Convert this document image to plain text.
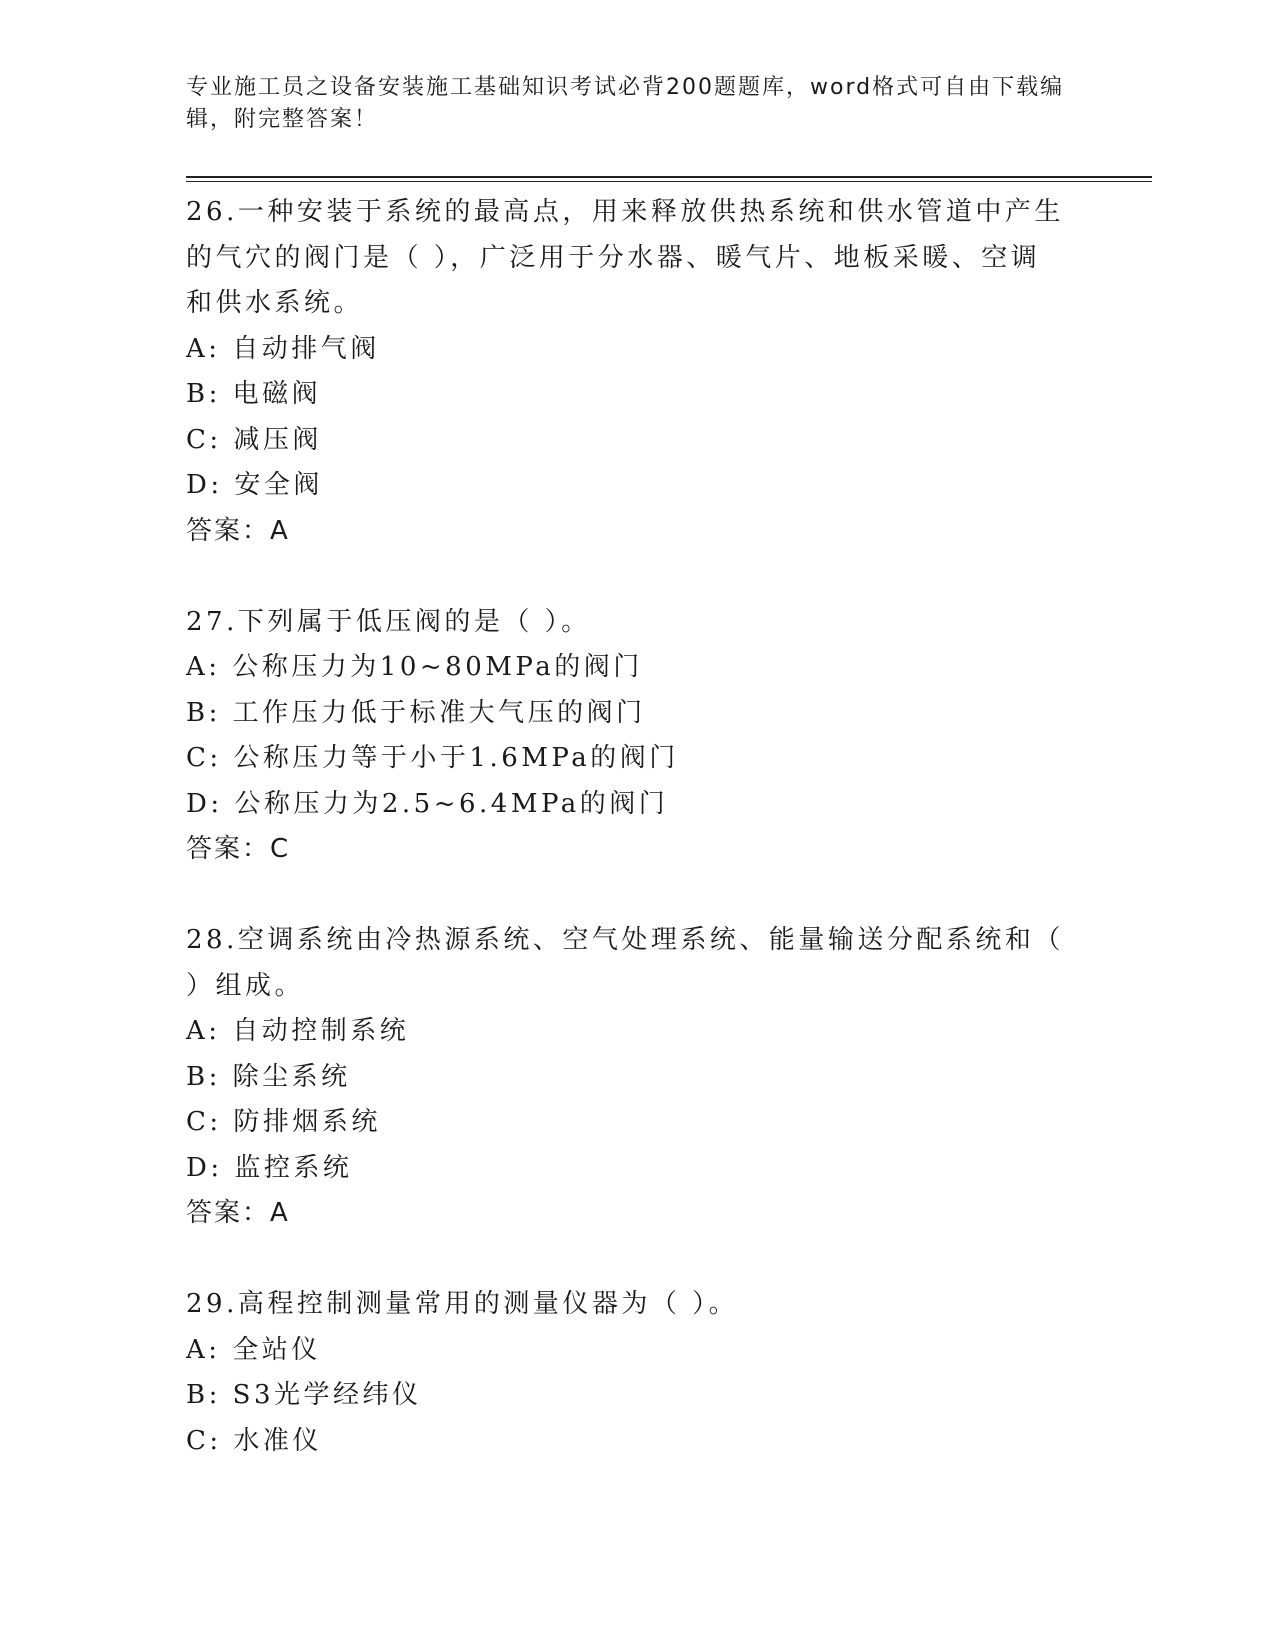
专业施工员之设备安装施工基础知识考试必背200题题库，word格式可自由下载编辑，附完整答案！

26.一种安装于系统的最高点，用来释放供热系统和供水管道中产生的气穴的阀门是（ ），广泛用于分水器、暖气片、地板采暖、空调和供水系统。

A: 自动排气阀

B: 电磁阀

C: 减压阀

D: 安全阀

答案：A

27.下列属于低压阀的是（ ）。

A: 公称压力为10~80MPa的阀门

B: 工作压力低于标准大气压的阀门

C: 公称压力等于小于1.6MPa的阀门

D: 公称压力为2.5~6.4MPa的阀门

答案：C

28.空调系统由冷热源系统、空气处理系统、能量输送分配系统和（ ）组成。

A: 自动控制系统

B: 除尘系统

C: 防排烟系统

D: 监控系统

答案：A

29.高程控制测量常用的测量仪器为（ ）。

A: 全站仪

B: S3光学经纬仪

C: 水准仪
